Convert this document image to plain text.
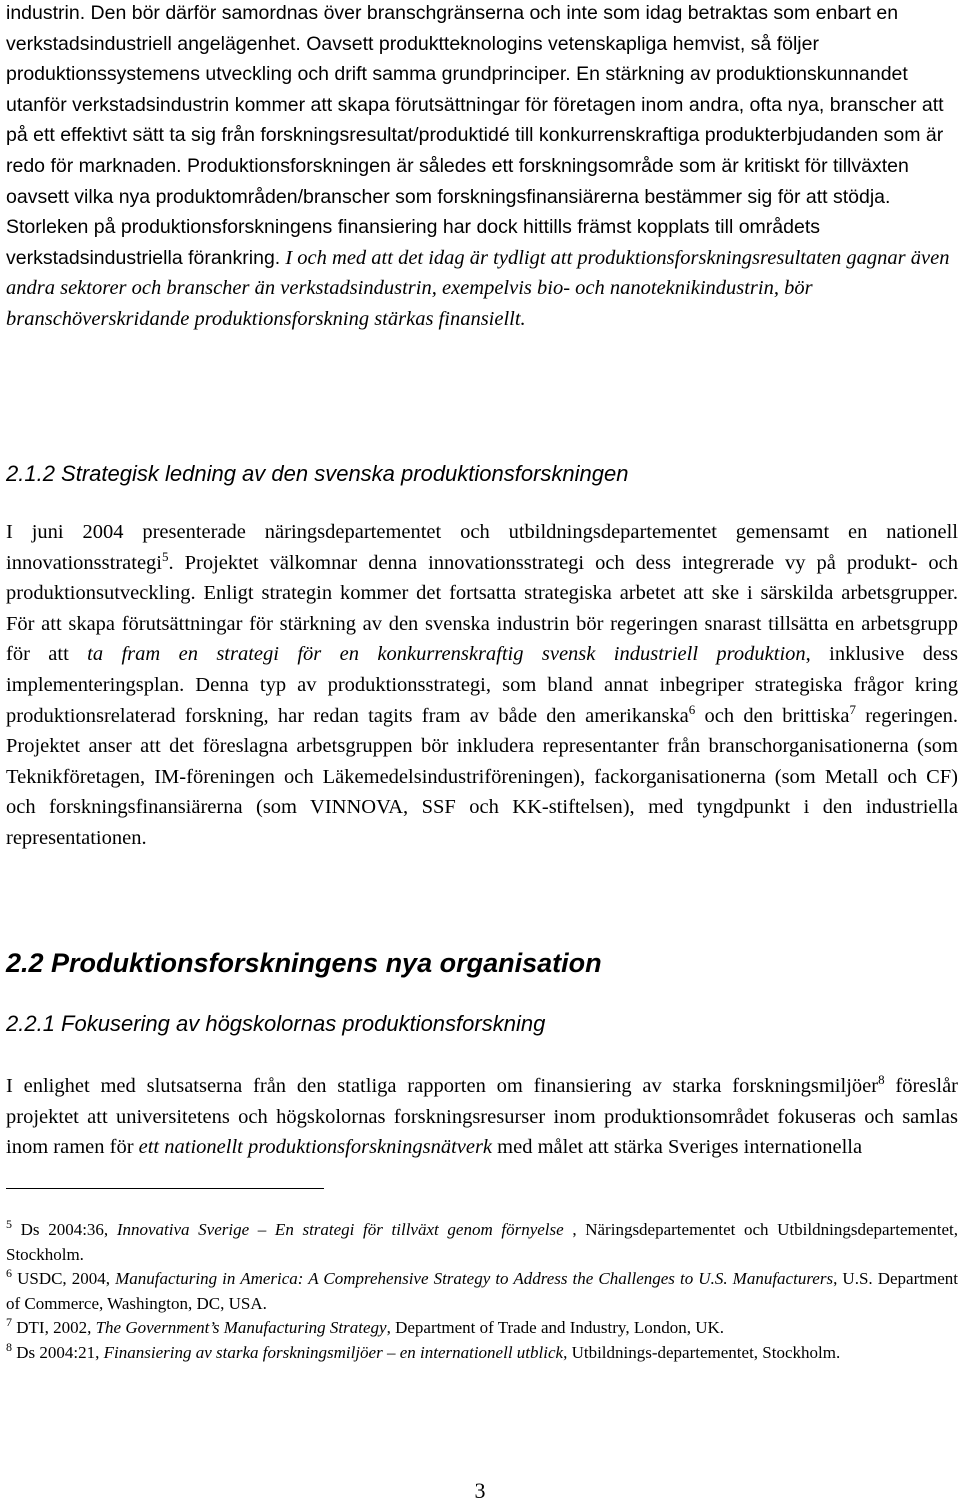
industrin. Den bör därför samordnas över branschgränserna och inte som idag betraktas som enbart en verkstadsindustriell angelägenhet. Oavsett produktteknologins vetenskapliga hemvist, så följer produktionssystemens utveckling och drift samma grundprinciper. En stärkning av produktionskunnandet utanför verkstadsindustrin kommer att skapa förutsättningar för företagen inom andra, ofta nya, branscher att på ett effektivt sätt ta sig från forskningsresultat/produktidé till konkurrenskraftiga produkterbjudanden som är redo för marknaden. Produktionsforskningen är således ett forskningsområde som är kritiskt för tillväxten oavsett vilka nya produktområden/branscher som forskningsfinansiärerna bestämmer sig för att stödja. Storleken på produktionsforskningens finansiering har dock hittills främst kopplats till områdets verkstadsindustriella förankring. I och med att det idag är tydligt att produktionsforskningsresultaten gagnar även andra sektorer och branscher än verkstadsindustrin, exempelvis bio- och nanoteknikindustrin, bör branschöverskridande produktionsforskning stärkas finansiellt.
2.1.2 Strategisk ledning av den svenska produktionsforskningen
I juni 2004 presenterade näringsdepartementet och utbildningsdepartementet gemensamt en nationell innovationsstrategi$^5$. Projektet välkomnar denna innovationsstrategi och dess integrerade vy på produkt- och produktionsutveckling. Enligt strategin kommer det fortsatta strategiska arbetet att ske i särskilda arbetsgrupper. För att skapa förutsättningar för stärkning av den svenska industrin bör regeringen snarast tillsätta en arbetsgrupp för att ta fram en strategi för en konkurrenskraftig svensk industriell produktion, inklusive dess implementeringsplan. Denna typ av produktionsstrategi, som bland annat inbegriper strategiska frågor kring produktionsrelaterad forskning, har redan tagits fram av både den amerikanska$^6$ och den brittiska$^7$ regeringen. Projektet anser att det föreslagna arbetsgruppen bör inkludera representanter från branschorganisationerna (som Teknikföretagen, IM-föreningen och Läkemedelsindustriföreningen), fackorganisationerna (som Metall och CF) och forskningsfinansiärerna (som VINNOVA, SSF och KK-stiftelsen), med tyngdpunkt i den industriella representationen.
2.2 Produktionsforskningens nya organisation
2.2.1 Fokusering av högskolornas produktionsforskning
I enlighet med slutsatserna från den statliga rapporten om finansiering av starka forskningsmiljöer$^8$ föreslår projektet att universitetens och högskolornas forskningsresurser inom produktionsområdet fokuseras och samlas inom ramen för ett nationellt produktionsforskningsnätverk med målet att stärka Sveriges internationella

$^5$ Ds 2004:36, Innovativa Sverige – En strategi för tillväxt genom förnyelse , Näringsdepartementet och Utbildningsdepartementet, Stockholm.

$^6$ USDC, 2004, Manufacturing in America: A Comprehensive Strategy to Address the Challenges to U.S. Manufacturers, U.S. Department of Commerce, Washington, DC, USA.

$^7$ DTI, 2002, The Government’s Manufacturing Strategy, Department of Trade and Industry, London, UK.

$^8$ Ds 2004:21, Finansiering av starka forskningsmiljöer – en internationell utblick, Utbildnings-departementet, Stockholm.

3
